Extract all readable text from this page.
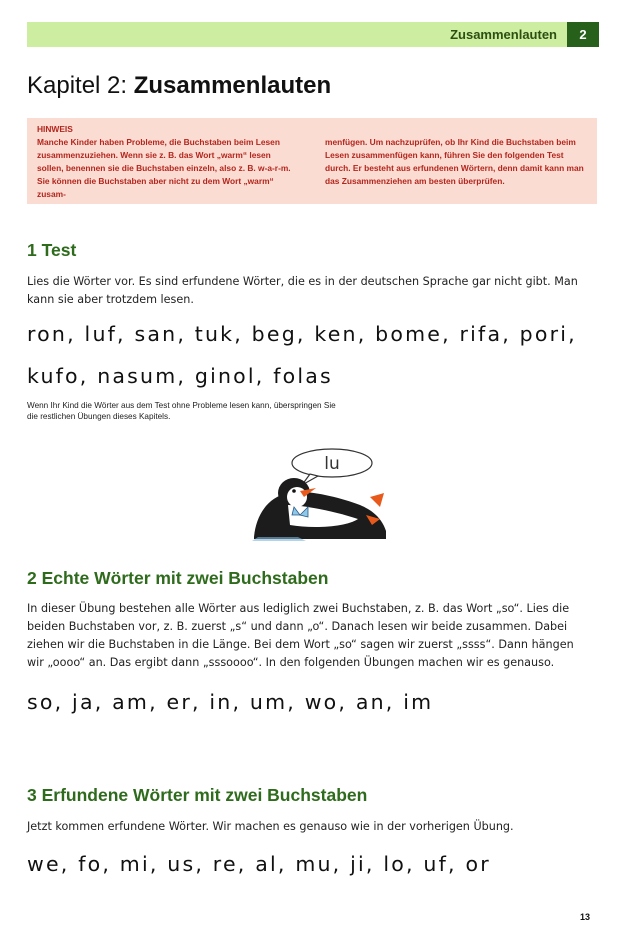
Zusammenlauten	2
Kapitel 2: Zusammenlauten
HINWEIS
Manche Kinder haben Probleme, die Buchstaben beim Lesen zusammenzuziehen. Wenn sie z. B. das Wort „warm“ lesen sollen, benennen sie die Buchstaben einzeln, also z. B. w-a-r-m. Sie können die Buchstaben aber nicht zu dem Wort „warm“ zusam-
menfügen. Um nachzuprüfen, ob Ihr Kind die Buchstaben beim Lesen zusammenfügen kann, führen Sie den folgenden Test durch. Er besteht aus erfundenen Wörtern, denn damit kann man das Zusammenziehen am besten überprüfen.
1 Test

Lies die Wörter vor. Es sind erfundene Wörter, die es in der deutschen Sprache gar nicht gibt. Man kann sie aber trotzdem lesen.

ron, luf, san, tuk, beg, ken, bome, rifa, pori,

kufo, nasum, ginol, folas

Wenn Ihr Kind die Wörter aus dem Test ohne Probleme lesen kann, überspringen Sie die restlichen Übungen dieses Kapitels.

lu
2 Echte Wörter mit zwei Buchstaben

In dieser Übung bestehen alle Wörter aus lediglich zwei Buchstaben, z. B. das Wort „so“. Lies die beiden Buchstaben vor, z. B. zuerst „s“ und dann „o“. Danach lesen wir beide zusammen. Dabei ziehen wir die Buchstaben in die Länge. Bei dem Wort „so“ sagen wir zuerst „ssss“. Dann hängen wir „oooo“ an. Das ergibt dann „sssoooo“. In den folgenden Übungen machen wir es genauso.

so, ja, am, er, in, um, wo, an, im

3 Erfundene Wörter mit zwei Buchstaben

Jetzt kommen erfundene Wörter. Wir machen es genauso wie in der vorherigen Übung.

we, fo, mi, us, re, al, mu, ji, lo, uf, or

13
